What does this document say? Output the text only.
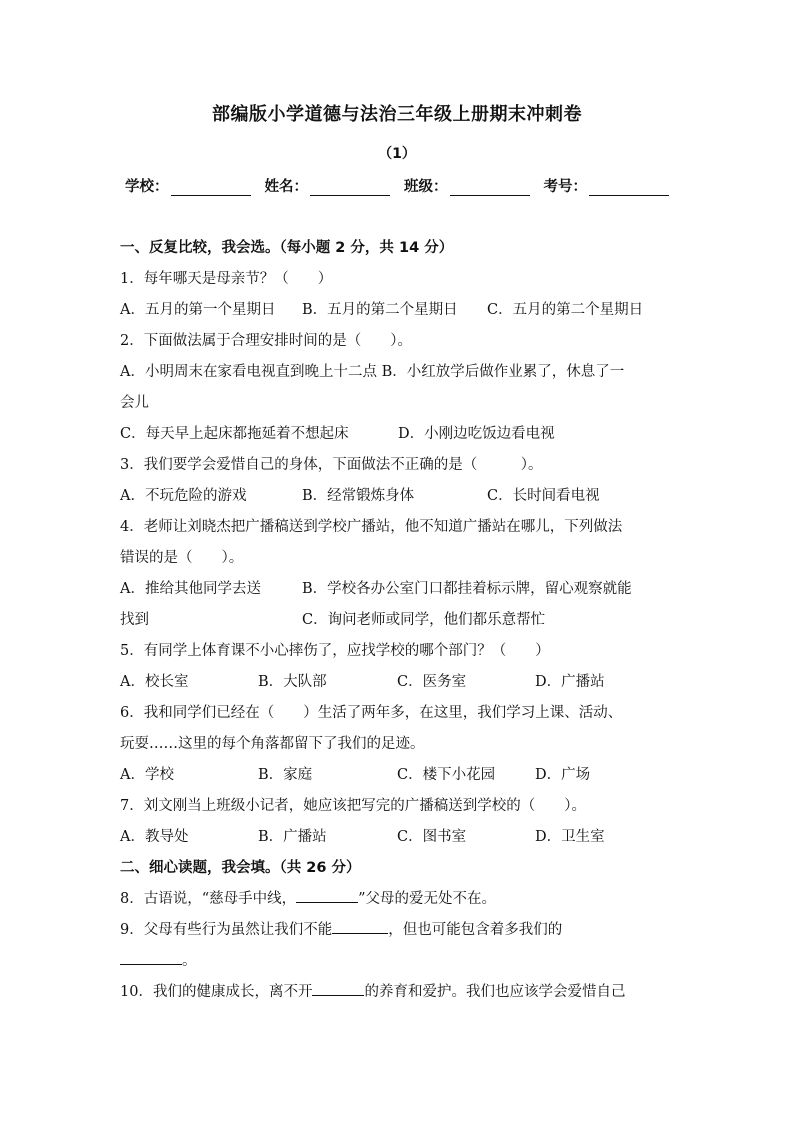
部编版小学道德与法治三年级上册期末冲刺卷
（1）
学校：	姓名：	班级：	考号：
一、反复比较，我会选。（每小题 2 分，共 14 分）
1．每年哪天是母亲节？（　　）
A．五月的第一个星期日	B．五月的第二个星期日	C．五月的第二个星期日
2．下面做法属于合理安排时间的是（　　）。
A．小明周末在家看电视直到晚上十二点 B．小红放学后做作业累了，休息了一
会儿
C．每天早上起床都拖延着不想起床	D．小刚边吃饭边看电视
3．我们要学会爱惜自己的身体，下面做法不正确的是（　　　）。
A．不玩危险的游戏	B．经常锻炼身体	C．长时间看电视
4．老师让刘晓杰把广播稿送到学校广播站，他不知道广播站在哪儿，下列做法
错误的是（　　）。
A．推给其他同学去送	B．学校各办公室门口都挂着标示牌，留心观察就能
找到	C．询问老师或同学，他们都乐意帮忙
5．有同学上体育课不小心摔伤了，应找学校的哪个部门？（　　）
A．校长室	B．大队部	C．医务室	D．广播站
6．我和同学们已经在（　　）生活了两年多，在这里，我们学习上课、活动、
玩耍……这里的每个角落都留下了我们的足迹。
A．学校	B．家庭	C．楼下小花园	D．广场
7．刘文刚当上班级小记者，她应该把写完的广播稿送到学校的（　　）。
A．教导处	B．广播站	C．图书室	D．卫生室
二、细心读题，我会填。（共 26 分）
8．古语说，“慈母手中线，	”父母的爱无处不在。
9．父母有些行为虽然让我们不能	，但也可能包含着多我们的
。
10．我们的健康成长，离不开	的养育和爱护。我们也应该学会爱惜自己
